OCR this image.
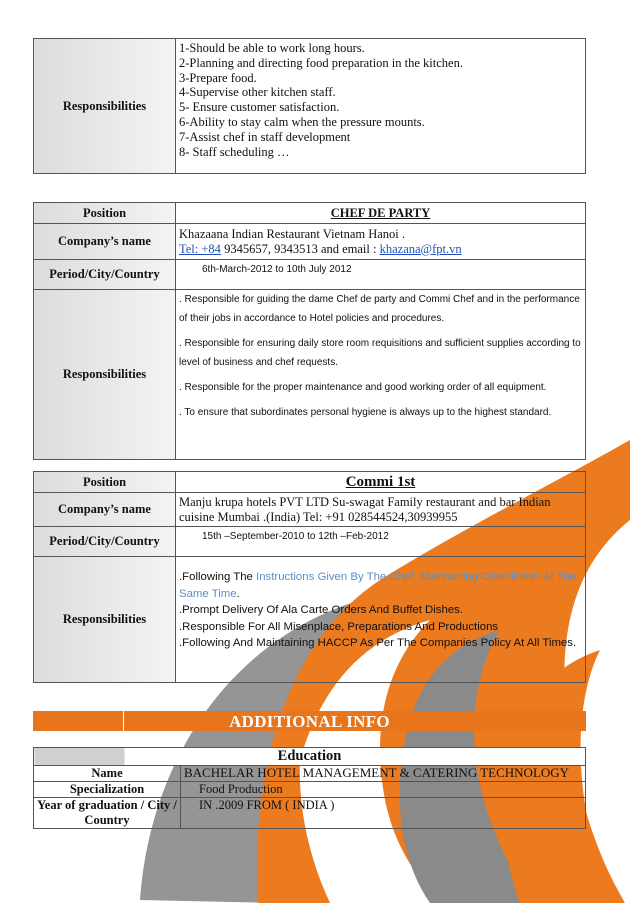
Responsibilities	
1-Should be able to work long hours.
2-Planning and directing food preparation in the kitchen.
3-Prepare food.
4-Supervise other kitchen staff.
5- Ensure customer satisfaction.
6-Ability to stay calm when the pressure mounts.
7-Assist chef in staff development
8- Staff scheduling …
Position	CHEF DE PARTY
Company’s name	Khazaana Indian Restaurant Vietnam Hanoi .
Tel: +84 9345657, 9343513 and email : khazana@fpt.vn

Period/City/Country	6th-March-2012 to 10th July 2012
Responsibilities	. Responsible for guiding the dame Chef de party and Commi Chef and in the performance of their jobs in accordance to Hotel policies and procedures.
. Responsible for ensuring daily store room requisitions and sufficient supplies according to level of business and chef requests.
. Responsible for the proper maintenance and good working order of all equipment.
. To ensure that subordinates personal hygiene is always up to the highest standard.
Position	Commi 1st
Company’s name	Manju krupa hotels PVT LTD Su-swagat Family restaurant and bar Indian cuisine Mumbai .(India) Tel: +91 028544524,30939955
Period/City/Country	15th –September-2010 to 12th –Feb-2012
Responsibilities	.Following The Instructions Given By The Chef, Maintaining Cleanliness At The Same Time.
.Prompt Delivery Of Ala Carte Orders And Buffet Dishes.
.Responsible For All Misenplace, Preparations And Productions
.Following And Maintaining HACCP As Per The Companies Policy At All Times.
ADDITIONAL INFO
Education	

Name	BACHELAR HOTEL MANAGEMENT & CATERING TECHNOLOGY
Specialization	Food Production
Year of graduation / City / Country	IN .2009 FROM ( INDIA )
